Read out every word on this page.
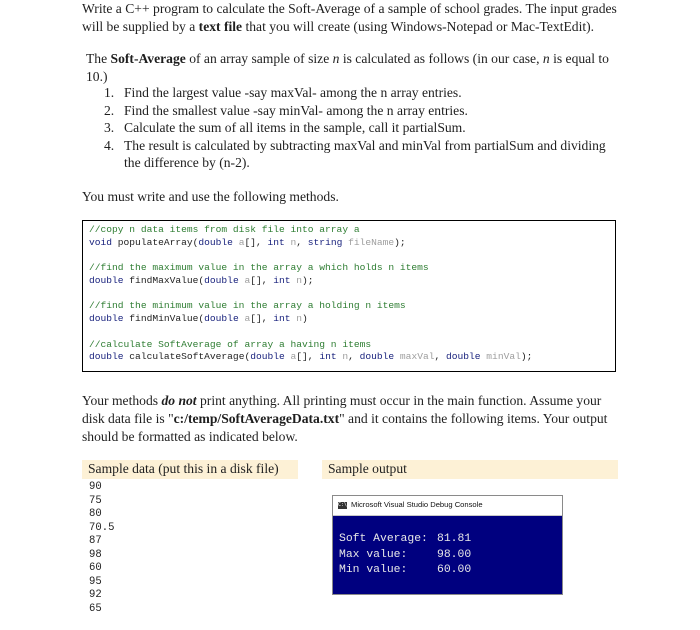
Write a C++ program to calculate the Soft-Average of a sample of school grades. The input grades
will be supplied by a text file that you will create (using Windows-Notepad or Mac-TextEdit).
The Soft-Average of an array sample of size n is calculated as follows (in our case, n is equal to 10.)
1. Find the largest value -say maxVal- among the n array entries.
2. Find the smallest value -say minVal- among the n array entries.
3. Calculate the sum of all items in the sample, call it partialSum.
4. The result is calculated by subtracting maxVal and minVal from partialSum and dividing the difference by (n-2).
You must write and use the following methods.
//copy n data items from disk file into array a
void populateArray(double a[], int n, string fileName);
//find the maximum value in the array a which holds n items
double findMaxValue(double a[], int n);
//find the minimum value in the array a holding n items
double findMinValue(double a[], int n)
//calculate SoftAverage of array a having n items
double calculateSoftAverage(double a[], int n, double maxVal, double minVal);
Your methods do not print anything. All printing must occur in the main function. Assume your
disk data file is "c:/temp/SoftAverageData.txt" and it contains the following items. Your output
should be formatted as indicated below.
Sample data (put this in a disk file)	Sample output
90
75
80
70.5
87
98
60
95
92
65
C:\ Microsoft Visual Studio Debug Console
Soft Average: 81.81
Max value:	98.00
Min value:	60.00
